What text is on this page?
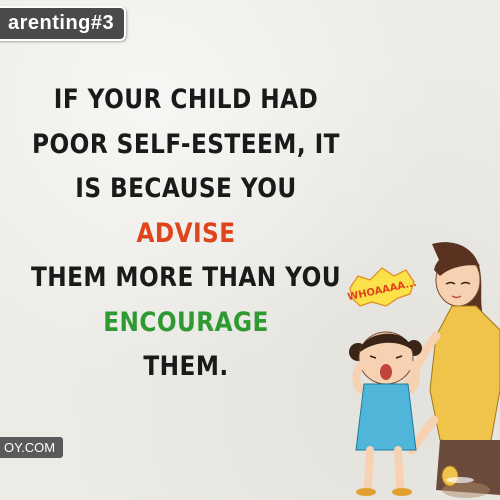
arenting#3
IF YOUR CHILD HAD
POOR SELF-ESTEEM, IT
IS BECAUSE YOU
ADVISE
THEM MORE THAN YOU
ENCOURAGE
THEM.
OY.COM
WHOAAAA...
